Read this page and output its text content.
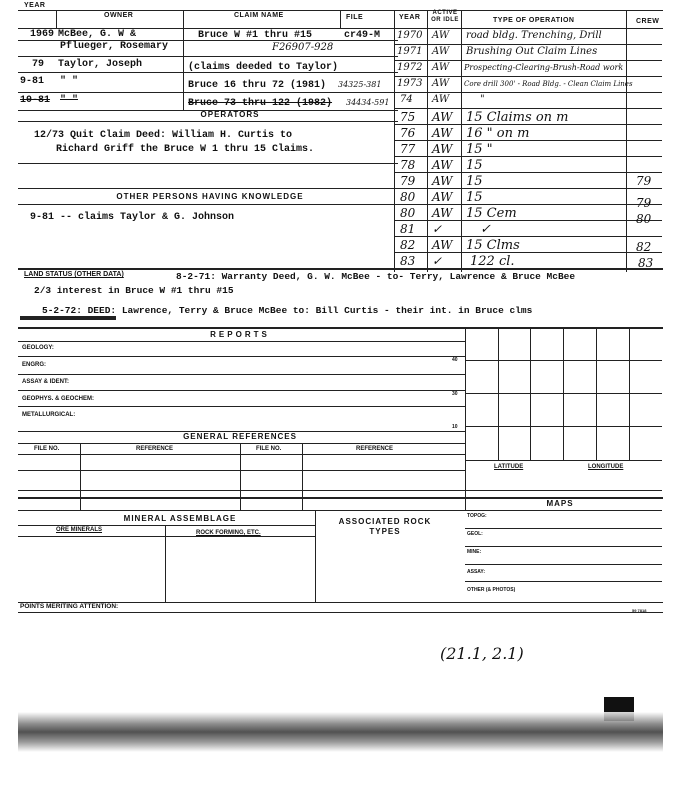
YEAR
OWNER	CLAIM NAME	FILE	YEAR
ACTIVE OR IDLE	TYPE OF OPERATION	CREW
1969 McBee, G. W &	Bruce W #1 thru #15	cr49-M
Pflueger, Rosemary	F26907-928
79 Taylor, Joseph	(claims deeded to Taylor)
9-81 " "	Bruce 16 thru 72 (1981) 34325-381
10-81 " "	Bruce 73 thru 122 (1982) 34434-591
OPERATORS
12/73 Quit Claim Deed: William H. Curtis to
Richard Griff the Bruce W 1 thru 15 Claims.
OTHER PERSONS HAVING KNOWLEDGE
9-81 -- claims Taylor & G. Johnson
1970 AW road bldg. Trenching, Drill
1971 AW Brushing Out Claim Lines
1972 AW Prospecting-Clearing-Brush-Road work
1973 AW Core drill 300' - Road Bldg. - Clean Claim Lines
74 AW	"
75 AW 15 Claims on m
76 AW 16 " on m
77 AW 15 "
78 AW 15
79 AW 15	79
80 AW 15	79
80 AW 15 Cem	80
81 ✓	✓
82 AW 15 Clms	82
83 ✓ 122 cl.	83
LAND STATUS (OTHER DATA)	8-2-71: Warranty Deed, G. W. McBee - to- Terry, Lawrence & Bruce McBee
2/3 interest in Bruce W #1 thru #15
5-2-72: DEED: Lawrence, Terry & Bruce McBee to: Bill Curtis - their int. in Bruce clms
REPORTS
GEOLOGY:
ENGRG:
40
ASSAY & IDENT:
GEOPHYS. & GEOCHEM:
30
METALLURGICAL:
10
GENERAL REFERENCES
FILE NO.	REFERENCE	FILE NO.	REFERENCE
LATITUDE	LONGITUDE
MAPS
TOPOG:
GEOL:
MINE:
ASSAY:
OTHER (& PHOTOS)
MINERAL ASSEMBLAGE	ASSOCIATED ROCK TYPES
ORE MINERALS	ROCK FORMING, ETC.
POINTS MERITING ATTENTION:
59 7818
(21.1, 2.1)
